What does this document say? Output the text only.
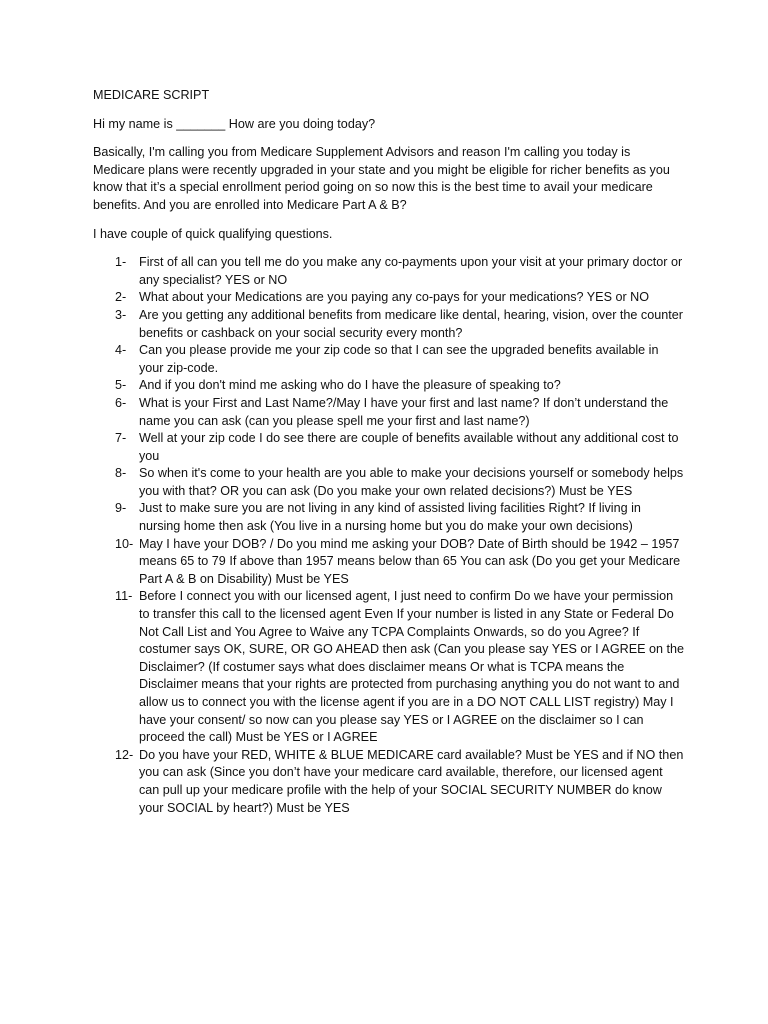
MEDICARE SCRIPT

Hi my name is _______ How are you doing today?

Basically, I'm calling you from Medicare Supplement Advisors and reason I'm calling you today is Medicare plans were recently upgraded in your state and you might be eligible for richer benefits as you know that it’s a special enrollment period going on so now this is the best time to avail your medicare benefits. And you are enrolled into Medicare Part A & B?

I have couple of quick qualifying questions.

1- First of all can you tell me do you make any co-payments upon your visit at your primary doctor or any specialist? YES or NO
2- What about your Medications are you paying any co-pays for your medications? YES or NO
3- Are you getting any additional benefits from medicare like dental, hearing, vision, over the counter benefits or cashback on your social security every month?
4- Can you please provide me your zip code so that I can see the upgraded benefits available in your zip-code.
5- And if you don't mind me asking who do I have the pleasure of speaking to?
6- What is your First and Last Name?/May I have your first and last name? If don’t understand the name you can ask (can you please spell me your first and last name?)
7- Well at your zip code I do see there are couple of benefits available without any additional cost to you
8- So when it's come to your health are you able to make your decisions yourself or somebody helps you with that? OR you can ask (Do you make your own related decisions?) Must be YES
9- Just to make sure you are not living in any kind of assisted living facilities Right? If living in nursing home then ask (You live in a nursing home but you do make your own decisions)
10- May I have your DOB? / Do you mind me asking your DOB? Date of Birth should be 1942 – 1957 means 65 to 79 If above than 1957 means below than 65 You can ask (Do you get your Medicare Part A & B on Disability) Must be YES
11- Before I connect you with our licensed agent, I just need to confirm Do we have your permission to transfer this call to the licensed agent Even If your number is listed in any State or Federal Do Not Call List and You Agree to Waive any TCPA Complaints Onwards, so do you Agree? If costumer says OK, SURE, OR GO AHEAD then ask (Can you please say YES or I AGREE on the Disclaimer? (If costumer says what does disclaimer means Or what is TCPA means the Disclaimer means that your rights are protected from purchasing anything you do not want to and allow us to connect you with the license agent if you are in a DO NOT CALL LIST registry) May I have your consent/ so now can you please say YES or I AGREE on the disclaimer so I can proceed the call) Must be YES or I AGREE
12- Do you have your RED, WHITE & BLUE MEDICARE card available? Must be YES and if NO then you can ask (Since you don’t have your medicare card available, therefore, our licensed agent can pull up your medicare profile with the help of your SOCIAL SECURITY NUMBER do know your SOCIAL by heart?) Must be YES
